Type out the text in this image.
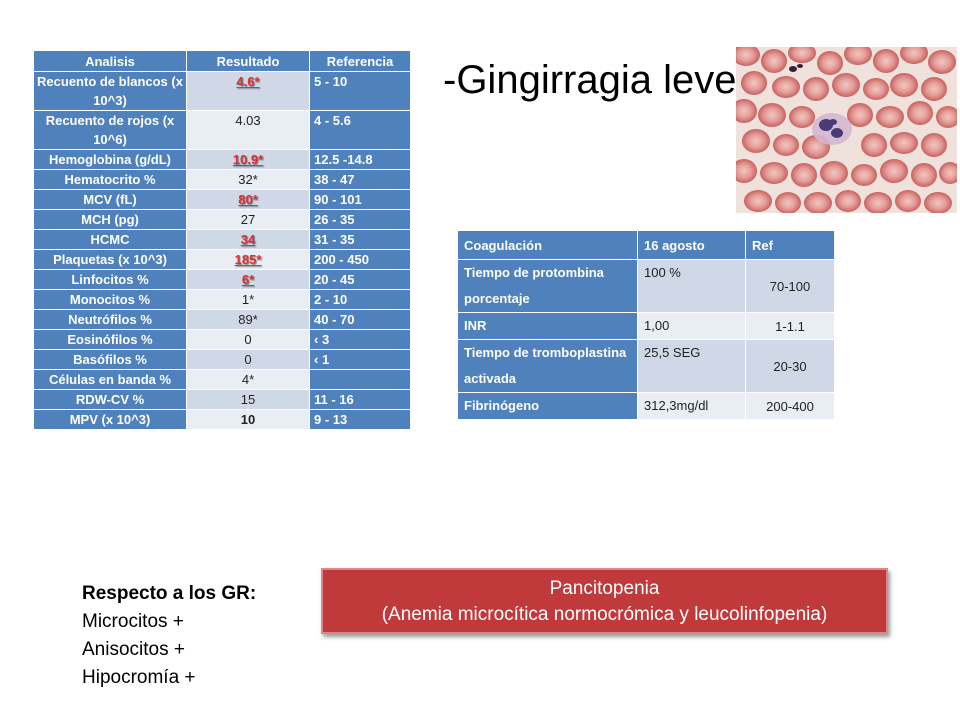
Analisis	Resultado	Referencia
Recuento de blancos (x 10^3)	4.6*	5 - 10
Recuento de rojos (x 10^6)	4.03	4 - 5.6
Hemoglobina (g/dL)	10.9*	12.5 -14.8
Hematocrito %	32*	38 - 47
MCV (fL)	80*	90 - 101
MCH (pg)	27	26 - 35
HCMC	34	31 - 35
Plaquetas (x 10^3)	185*	200 - 450
Linfocitos %	6*	20 - 45
Monocitos %	1*	2 - 10
Neutrófilos %	89*	40 - 70
Eosinófilos %	0	‹ 3
Basófilos %	0	‹ 1
Células en banda %	4*	
RDW-CV %	15	11 - 16
MPV (x 10^3)	10	9 - 13
-Gingirragia leve
Coagulación	16 agosto	Ref
Tiempo de protombina porcentaje	100 %	70-100
INR	1,00	1-1.1
Tiempo de tromboplastina activada	25,5 SEG	20-30
Fibrinógeno	312,3mg/dl	200-400
Respecto a los GR:
Microcitos +
Anisocitos +
Hipocromía +
Pancitopenia
(Anemia microcítica normocrómica y leucolinfopenia)
